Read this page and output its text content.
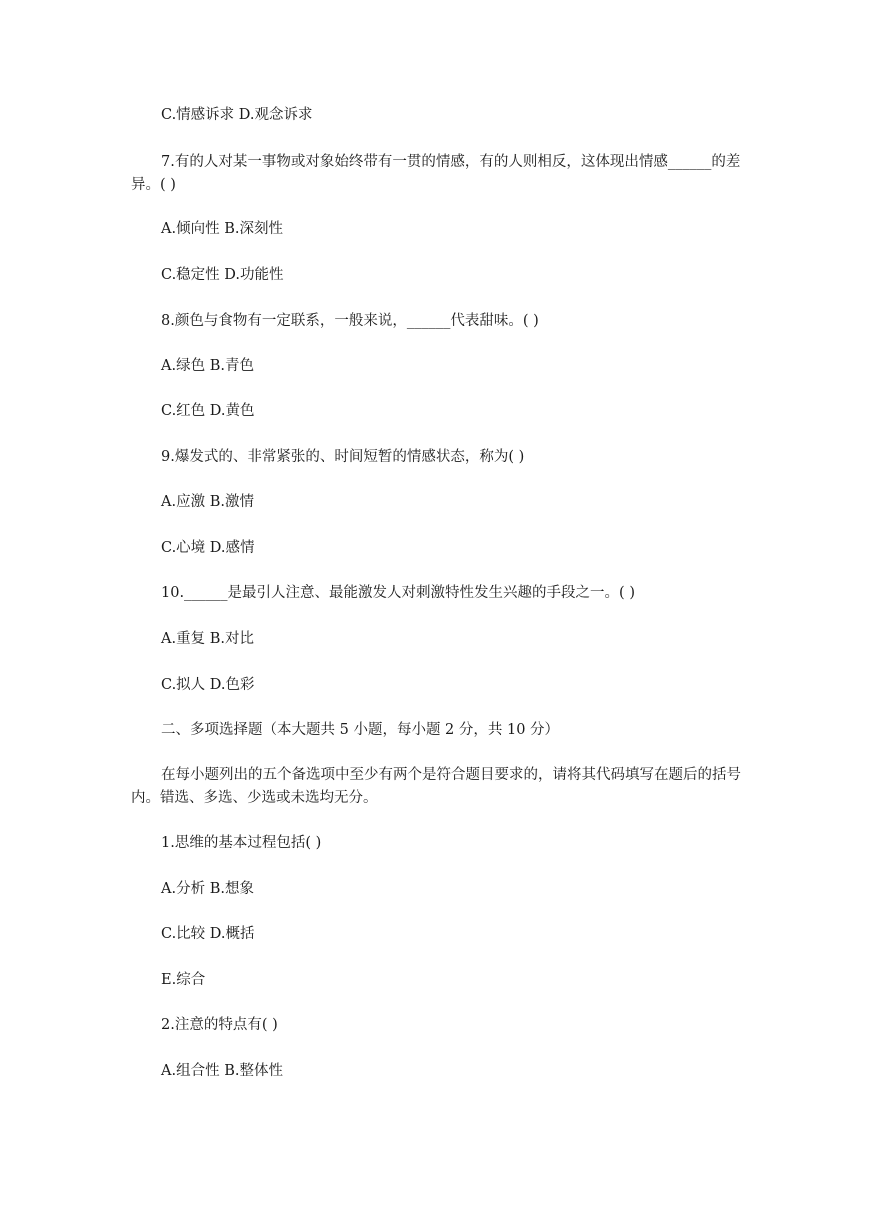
C.情感诉求 D.观念诉求
7.有的人对某一事物或对象始终带有一贯的情感，有的人则相反，这体现出情感______的差异。( )
A.倾向性 B.深刻性
C.稳定性 D.功能性
8.颜色与食物有一定联系，一般来说，______代表甜味。( )
A.绿色 B.青色
C.红色 D.黄色
9.爆发式的、非常紧张的、时间短暂的情感状态，称为( )
A.应激 B.激情
C.心境 D.感情
10.______是最引人注意、最能激发人对刺激特性发生兴趣的手段之一。( )
A.重复 B.对比
C.拟人 D.色彩
二、多项选择题（本大题共 5 小题，每小题 2 分，共 10 分）
在每小题列出的五个备选项中至少有两个是符合题目要求的，请将其代码填写在题后的括号内。错选、多选、少选或未选均无分。
1.思维的基本过程包括( )
A.分析 B.想象
C.比较 D.概括
E.综合
2.注意的特点有( )
A.组合性 B.整体性
